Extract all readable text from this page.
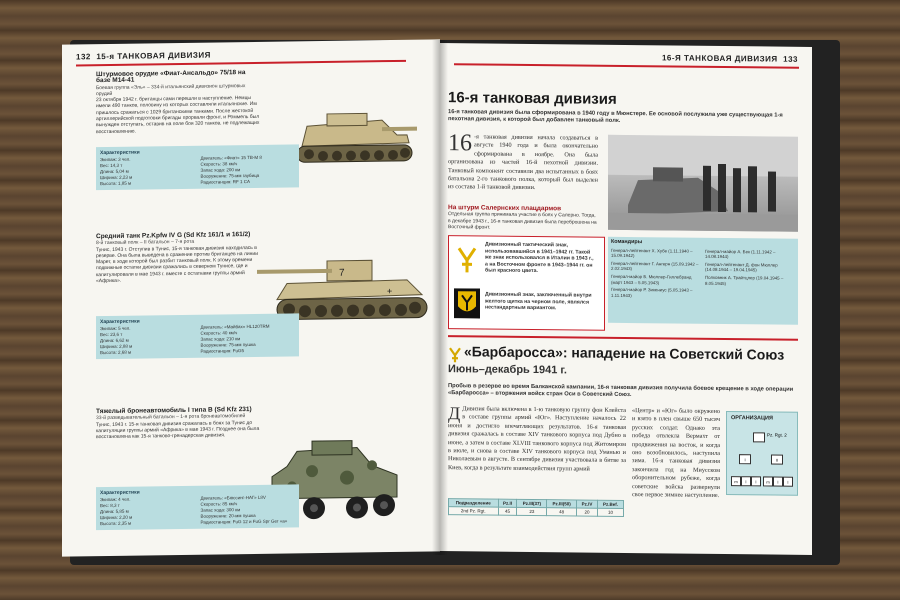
132 15-я ТАНКОВАЯ ДИВИЗИЯ
Штурмовое орудие «Фиат-Ансальдо» 75/18 на базе М14-41
Боевая группа «Эль» – 334-й итальянский дивизион штурмовых орудий
23 октября 1942 г. британцы сами перешли в наступление. Немцы имели 490 танков, половину из которых составляли итальянские. Им пришлось сражаться с 1029 британскими танками. После жестокой артиллерийской подготовки бригады прорвали фронт, и Роммель был вынужден отступать, оставив на поле боя 320 танков, не подлежащих восстановлению.
Характеристики
Экипаж: 3 чел.	Двигатель: «Фиат» 15 TB-M 8
Вес: 14,3 т	Скорость: 38 км/ч
Длина: 5,04 м	Запас хода: 200 км
Ширина: 2,23 м	Вооружение: 75-мм гаубица
Высота: 1,85 м	Радиостанция: RF 1 CA
Средний танк Pz.Kpfw IV G (Sd Kfz 161/1 и 161/2)
8-й танковый полк – II батальон – 7-я рота
Тунис, 1943 г. Отступив в Тунис, 15-я танковая дивизия находилась в резерве. Она была выведена в сражение против британцев на линии Марет, в ходе которой был разбит танковый полк. К этому времени подвижные остатки дивизии сражались в северном Тунисе, где и капитулировали в мае 1943 г. вместе с остатками группы армий «Африка».
7
+
Характеристики
Экипаж: 5 чел.	Двигатель: «Майбах» HL120TRM
Вес: 23,6 т	Скорость: 40 км/ч
Длина: 6,62 м	Запас хода: 210 км
Ширина: 2,88 м	Вооружение: 75-мм пушка
Высота: 2,68 м	Радиостанция: FuG5
Тяжелый бронеавтомобиль I типа B (Sd Kfz 231)
33-й разведывательный батальон – 1-я рота бронеавтомобилей
Тунис, 1943 г. 15-я танковая дивизия сражалась в боях за Тунис до капитуляции группы армий «Африка» в мае 1943 г. Позднее она была восстановлена как 15-я танково-гренадерская дивизия.
Характеристики
Экипаж: 4 чел.	Двигатель: «Бюссинг-НАГ» L8V
Вес: 8,3 т	Скорость: 85 км/ч
Длина: 5,85 м	Запас хода: 300 км
Ширина: 2,20 м	Вооружение: 20-мм пушка
Высота: 2,35 м	Радиостанция: FuG 12 и FuG Spr Ger «a»
16-Я ТАНКОВАЯ ДИВИЗИЯ 133
16-я танковая дивизия
16-я танковая дивизия была сформирована в 1940 году в Мюнстере. Ее основой послужила уже существующая 1-я пехотная дивизия, к которой был добавлен танковый полк.
16 -я танковая дивизия начала создаваться в августе 1940 года и была окончательно сформирована в ноябре. Она была организована из частей 16-й пехотной дивизии. Танковый компонент составили два испытанных в боях батальона 2-го танкового полка, который был выделен из состава 1-й танковой дивизии.
На штурм Салернских плацдармов
Отдельная группа принимала участие в боях у Салерно. Тогда, в декабре 1943 г., 16-я танковая дивизия была переброшена на Восточный фронт.
Дивизионный тактический знак, использовавшийся в 1941–1942 гг. Такой же знак использовался в Италии в 1943 г., а на Восточном фронте в 1943–1944 гг. он был красного цвета.
Дивизионный знак, заключенный внутри желтого щитка на черном поле, являлся нестандартным вариантом.
Командиры
Генерал-лейтенант Х. Хубе (1.11.1940 – 15.09.1942)
Генерал-майор А. Бек (1.11.1942 – 14.08.1944)
Генерал-лейтенант Г. Ангерн (15.09.1942 – 2.02.1943)
Генерал-лейтенант Д. фон Мюллер (14.08.1944 – 19.04.1945)
Генерал-майор Б. Мюллер-Гиллебранд (март 1943 – 5.05.1943)
Полковник А. Трайтцлер (19.04.1945 – 8.05.1945)
Генерал-майор Р. Зикениус (5.05.1943 – 1.11.1943)
«Барбаросса»: нападение на Советский Союз
Июнь–декабрь 1941 г.
Пробыв в резерве во время Балканской кампании, 16-я танковая дивизия получила боевое крещение в ходе операции «Барбаросса» – вторжения войск стран Оси в Советский Союз.
Д Дивизия была включена в 1-ю танковую группу фон Клейста в составе группы армий «Юг». Наступление началось 22 июня и достигло впечатляющих результатов. 16-я танковая дивизия сражалась в составе XIV танкового корпуса под Дубно в июне, а затем в составе XLVIII танкового корпуса под Житомиром в июле, и снова в составе XIV танкового корпуса под Уманью и Николаевым в августе. В сентябре дивизия участвовала в битве за Киев, когда в результате взаимодействия групп армий
«Центр» и «Юг» было окружено и взято в плен свыше 650 тысяч русских солдат. Однако эта победа отвлекла Вермахт от продвижения на восток, и когда оно возобновилось, наступила зима. 16-я танковая дивизия закончила год на Миусском оборонительном рубеже, когда советские войска развернули свое первое зимнее наступление.
Подразделение	Pz.II	Pz.III(37)	Pz.III(50)	Pz.IV	Pz.Bef.
2nd Pz. Rgt.	45	23	48	20	10
ОРГАНИЗАЦИЯ
Pz. Rgt. 2
I	II
m	l	l	m	l	l
